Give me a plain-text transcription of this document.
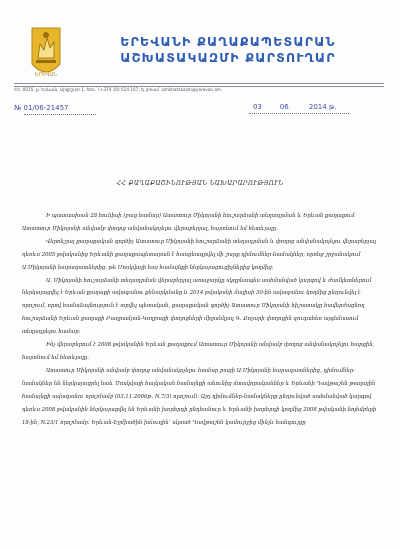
ԵՐԵՎԱՆ
ԵՐԵՎԱՆԻ ՔԱՂԱՔԱՊԵՏԱՐԱՆ
ԱՇԽԱՏԱԿԱԶՄԻ ՔԱՐՏՈՒՂԱՐ
ՀՀ, 0015, ք. Երևան, Արգիշտի 1, հեռ.՝ (+374 10) 514 167, էլ.փոստ՝ ashkhatakazm@yerevan.am
№ 01/06-21457	03	06	2014 թ.
ՀՀ ՔԱՂԱՔԱՇԻՆՈՒԹՅԱՆ ՆԱԽԱՐԱՐՈՒԹՅՈՒՆ

Ի պատասխան 28 հունիսի (բաց համար) Ատատուր Միկոյանի հուշարձանի տեղադրման և Երևան քաղաքում Ատատուր Միկոյանի անվամբ փողոց անվանակոչելու վերաբերյալ, հայտնում եմ հետևյալը.

Վերոնշյալ քաղաքական գործիչ Ատատուր Միկոյանի հուշարձանի տեղադրման և փողոց անվանակոչելու վերաբերյալ դեռևս 2005 թվականից Երևանի քաղաքապետարան է հասցեագրվել մի շարք դիմումներ-նամակներ, որոնց շրջանակում Ա.Միկոյանի հարազատներից, թե Մոսկվայի հայ համայնքի ներկայացուցիչներից կողմից:

Ա. Միկոյանի հուշարձանի տեղադրման վերաբերյալ առաջարկը սկզբնապես սահմանված կարգով և ժամկետներում ներկայացվել է Երևան քաղաքի ավագանու քննարկմանը և 2014 թվականի մայիսի 30-ին ավագանու կողմից ընդունվել է որոշում, որով համաձայնություն է տրվել պետական, քաղաքական գործիչ Ատատուր Միկոյանի հիշատակը հավերժացնող հուշարձանի Երևան քաղաքի Բաղրամյան-Կողբացի փողոցների միջանկյալ Գ. Քոչարի փողոցին զուգահեռ այգեմասում տեղադրելու համար:

Ինչ վերաբերում է 2008 թվականին Երևան քաղաքում Ատատուր Միկոյանի անվամբ փողոց անվանակոչելու հարցին, հայտնում եմ հետևյալը.

Ատատուր Միկոյանի անվամբ փողոց անվանակոչելու համար բացի Ա.Միկոյանի հարազատներից, դիմումներ-նամակներ են ներկայացրել նաև Մոսկվայի հայկական համայնքի անունից մտավորականներ և Երևանի Դավթաշեն թաղային համայնքի ավագանու որոշմամբ (03.11.2006թ. N.7/3) որոշում): Այդ դիմումներ-նամակները ընդունված սահմանված կարգով դեռևս 2008 թվականին ներկայացվել են Երևանի խորհրդի ընդհանուր և Երևանի խորհրդի կողմից 2008 թվականի նոյեմբերի 18-ին, N.23/1 որոշմամբ: Երևան-Էջմիածին խճուղին՝ սկսած Դավթաշեն կամուրջից մինչև հանգույցը
